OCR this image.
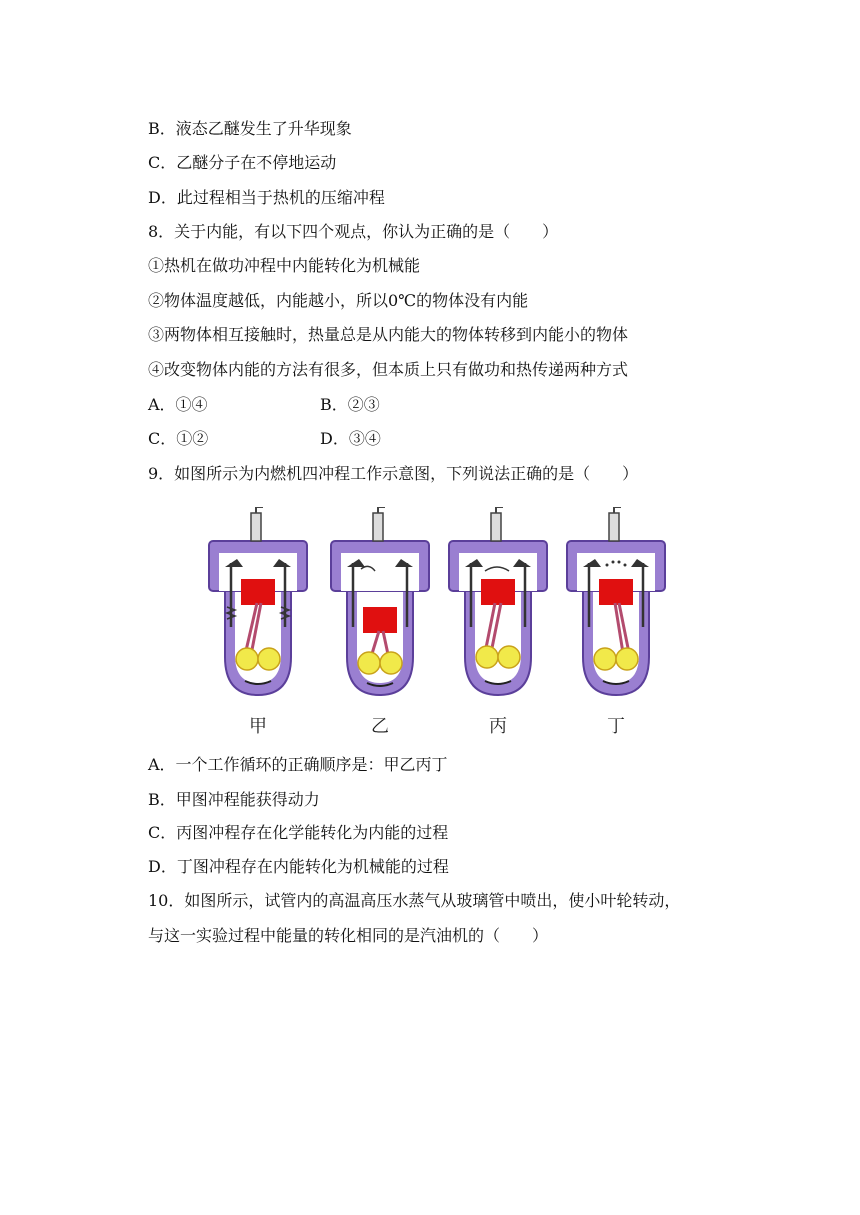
B．液态乙醚发生了升华现象
C．乙醚分子在不停地运动
D．此过程相当于热机的压缩冲程
8．关于内能，有以下四个观点，你认为正确的是（　　）
①热机在做功冲程中内能转化为机械能
②物体温度越低，内能越小，所以0℃的物体没有内能
③两物体相互接触时，热量总是从内能大的物体转移到内能小的物体
④改变物体内能的方法有很多，但本质上只有做功和热传递两种方式
A．①④	B．②③
C．①②	D．③④
9．如图所示为内燃机四冲程工作示意图，下列说法正确的是（　　）
甲	乙	丙	丁
A．一个工作循环的正确顺序是：甲乙丙丁
B．甲图冲程能获得动力
C．丙图冲程存在化学能转化为内能的过程
D．丁图冲程存在内能转化为机械能的过程
10．如图所示，试管内的高温高压水蒸气从玻璃管中喷出，使小叶轮转动，
与这一实验过程中能量的转化相同的是汽油机的（　　）
